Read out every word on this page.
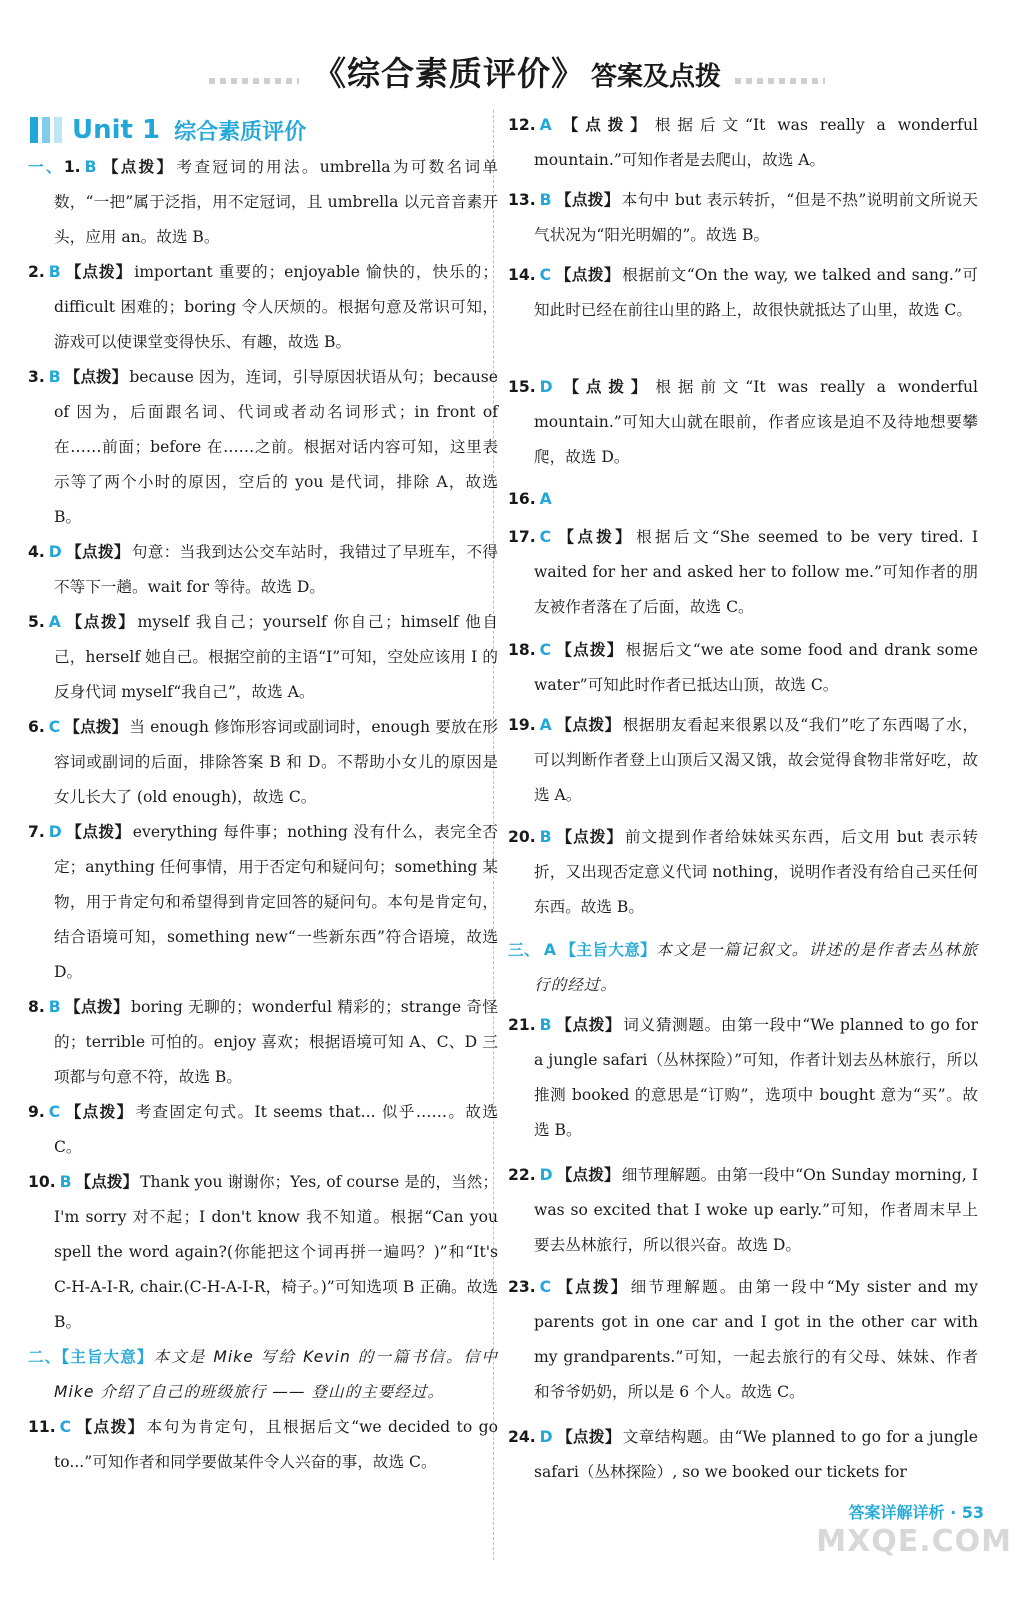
《综合素质评价》 答案及点拨
Unit 1 综合素质评价

一、1. B 【点拨】 考查冠词的用法。umbrella为可数名词单数，“一把”属于泛指，用不定冠词，且 umbrella 以元音音素开头，应用 an。故选 B。

2. B 【点拨】 important 重要的；enjoyable 愉快的，快乐的；difficult 困难的；boring 令人厌烦的。根据句意及常识可知，游戏可以使课堂变得快乐、有趣，故选 B。

3. B 【点拨】 because 因为，连词，引导原因状语从句；because of 因为，后面跟名词、代词或者动名词形式；in front of 在……前面；before 在……之前。根据对话内容可知，这里表示等了两个小时的原因，空后的 you 是代词，排除 A，故选 B。

4. D 【点拨】 句意：当我到达公交车站时，我错过了早班车，不得不等下一趟。wait for 等待。故选 D。

5. A 【点拨】 myself 我自己；yourself 你自己；himself 他自己，herself 她自己。根据空前的主语“I”可知，空处应该用 I 的反身代词 myself“我自己”，故选 A。

6. C 【点拨】 当 enough 修饰形容词或副词时，enough 要放在形容词或副词的后面，排除答案 B 和 D。不帮助小女儿的原因是女儿长大了 (old enough)，故选 C。

7. D 【点拨】 everything 每件事；nothing 没有什么，表完全否定；anything 任何事情，用于否定句和疑问句；something 某物，用于肯定句和希望得到肯定回答的疑问句。本句是肯定句，结合语境可知，something new“一些新东西”符合语境，故选 D。

8. B 【点拨】 boring 无聊的；wonderful 精彩的；strange 奇怪的；terrible 可怕的。enjoy 喜欢；根据语境可知 A、C、D 三项都与句意不符，故选 B。

9. C 【点拨】 考查固定句式。It seems that... 似乎……。故选 C。

10. B 【点拨】 Thank you 谢谢你；Yes, of course 是的，当然；I'm sorry 对不起；I don't know 我不知道。根据“Can you spell the word again?(你能把这个词再拼一遍吗？)”和“It's C-H-A-I-R, chair.(C-H-A-I-R，椅子。)”可知选项 B 正确。故选 B。

二、【主旨大意】本文是 Mike 写给 Kevin 的一篇书信。信中 Mike 介绍了自己的班级旅行 —— 登山的主要经过。

11. C 【点拨】 本句为肯定句，且根据后文“we decided to go to...”可知作者和同学要做某件令人兴奋的事，故选 C。

12. A 【点拨】 根据后文“It was really a wonderful mountain.”可知作者是去爬山，故选 A。

13. B 【点拨】 本句中 but 表示转折，“但是不热”说明前文所说天气状况为“阳光明媚的”。故选 B。

14. C 【点拨】 根据前文“On the way, we talked and sang.”可知此时已经在前往山里的路上，故很快就抵达了山里，故选 C。

15. D 【点拨】 根据前文“It was really a wonderful mountain.”可知大山就在眼前，作者应该是迫不及待地想要攀爬，故选 D。

16. A

17. C 【点拨】 根据后文“She seemed to be very tired. I waited for her and asked her to follow me.”可知作者的朋友被作者落在了后面，故选 C。

18. C 【点拨】 根据后文“we ate some food and drank some water”可知此时作者已抵达山顶，故选 C。

19. A 【点拨】 根据朋友看起来很累以及“我们”吃了东西喝了水，可以判断作者登上山顶后又渴又饿，故会觉得食物非常好吃，故选 A。

20. B 【点拨】 前文提到作者给妹妹买东西，后文用 but 表示转折，又出现否定意义代词 nothing，说明作者没有给自己买任何东西。故选 B。

三、 A 【主旨大意】本文是一篇记叙文。讲述的是作者去丛林旅行的经过。

21. B 【点拨】 词义猜测题。由第一段中“We planned to go for a jungle safari（丛林探险）”可知，作者计划去丛林旅行，所以推测 booked 的意思是“订购”，选项中 bought 意为“买”。故选 B。

22. D 【点拨】 细节理解题。由第一段中“On Sunday morning, I was so excited that I woke up early.”可知，作者周末早上要去丛林旅行，所以很兴奋。故选 D。

23. C 【点拨】 细节理解题。由第一段中“My sister and my parents got in one car and I got in the other car with my grandparents.”可知，一起去旅行的有父母、妹妹、作者和爷爷奶奶，所以是 6 个人。故选 C。

24. D 【点拨】 文章结构题。由“We planned to go for a jungle safari（丛林探险）, so we booked our tickets for

答案详解详析 · 53
MXQE.COM
